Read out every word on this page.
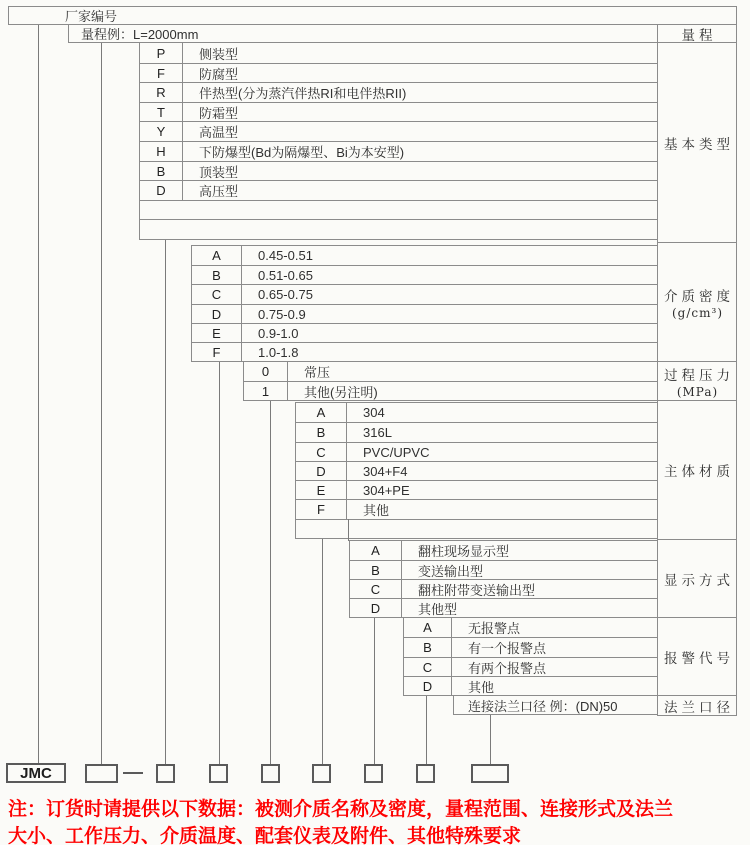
注：订货时请提供以下数据：被测介质名称及密度，量程范围、连接形式及法兰
大小、工作压力、介质温度、配套仪表及附件、其他特殊要求
厂家编号
量程例：L=2000mm
P	侧装型
F	防腐型
R	伴热型(分为蒸汽伴热RI和电伴热RII)
T	防霜型
Y	高温型
H	下防爆型(Bd为隔爆型、Bi为本安型)
B	顶装型
D	高压型
A	0.45-0.51
B	0.51-0.65
C	0.65-0.75
D	0.75-0.9
E	0.9-1.0
F	1.0-1.8
0	常压
1	其他(另注明)
A	304
B	316L
C	PVC/UPVC
D	304+F4
E	304+PE
F	其他
A	翻柱现场显示型
B	变送输出型
C	翻柱附带变送输出型
D	其他型
A	无报警点
B	有一个报警点
C	有两个报警点
D	其他
连接法兰口径 例：(DN)50
量程
基本类型
介质密度
(g/cm³)
过程压力
(MPa)
主体材质
显示方式
报警代号
法兰口径
JMC
